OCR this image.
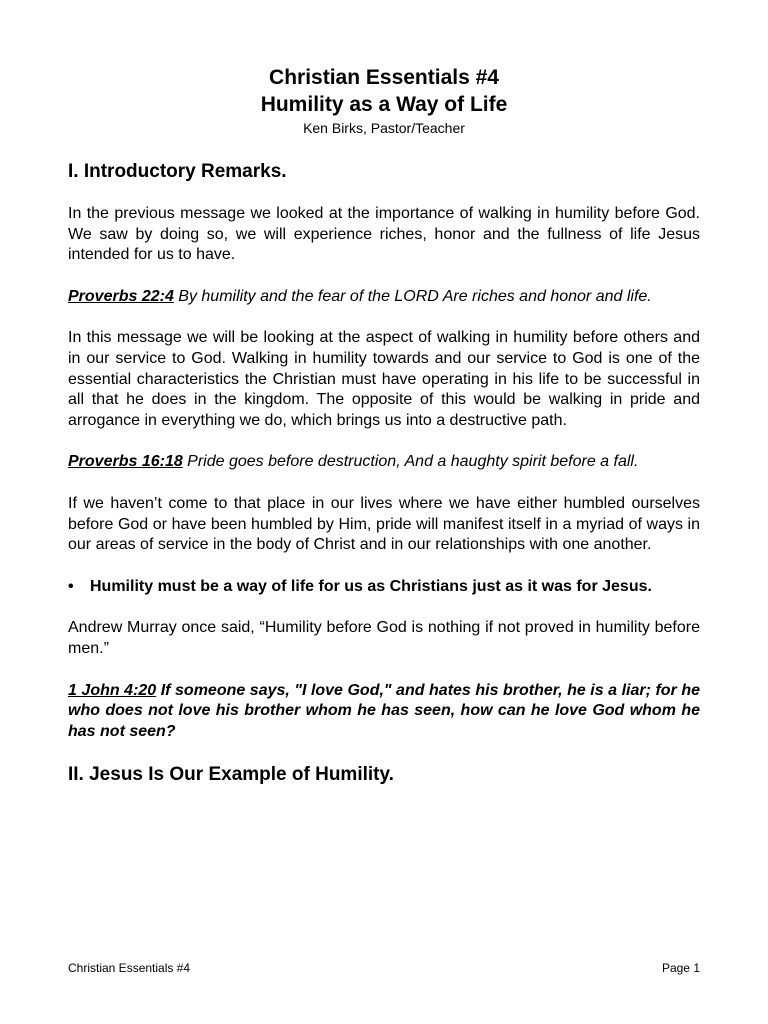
Christian Essentials #4
Humility as a Way of Life
Ken Birks, Pastor/Teacher
I. Introductory Remarks.

In the previous message we looked at the importance of walking in humility before God. We saw by doing so, we will experience riches, honor and the fullness of life Jesus intended for us to have.

Proverbs 22:4 By humility and the fear of the LORD Are riches and honor and life.

In this message we will be looking at the aspect of walking in humility before others and in our service to God. Walking in humility towards and our service to God is one of the essential characteristics the Christian must have operating in his life to be successful in all that he does in the kingdom. The opposite of this would be walking in pride and arrogance in everything we do, which brings us into a destructive path.

Proverbs 16:18 Pride goes before destruction, And a haughty spirit before a fall.

If we haven’t come to that place in our lives where we have either humbled ourselves before God or have been humbled by Him, pride will manifest itself in a myriad of ways in our areas of service in the body of Christ and in our relationships with one another.

•	Humility must be a way of life for us as Christians just as it was for Jesus.

Andrew Murray once said, “Humility before God is nothing if not proved in humility before men.”

1 John 4:20 If someone says, "I love God," and hates his brother, he is a liar; for he who does not love his brother whom he has seen, how can he love God whom he has not seen?

II. Jesus Is Our Example of Humility.
Christian Essentials #4	Page 1
